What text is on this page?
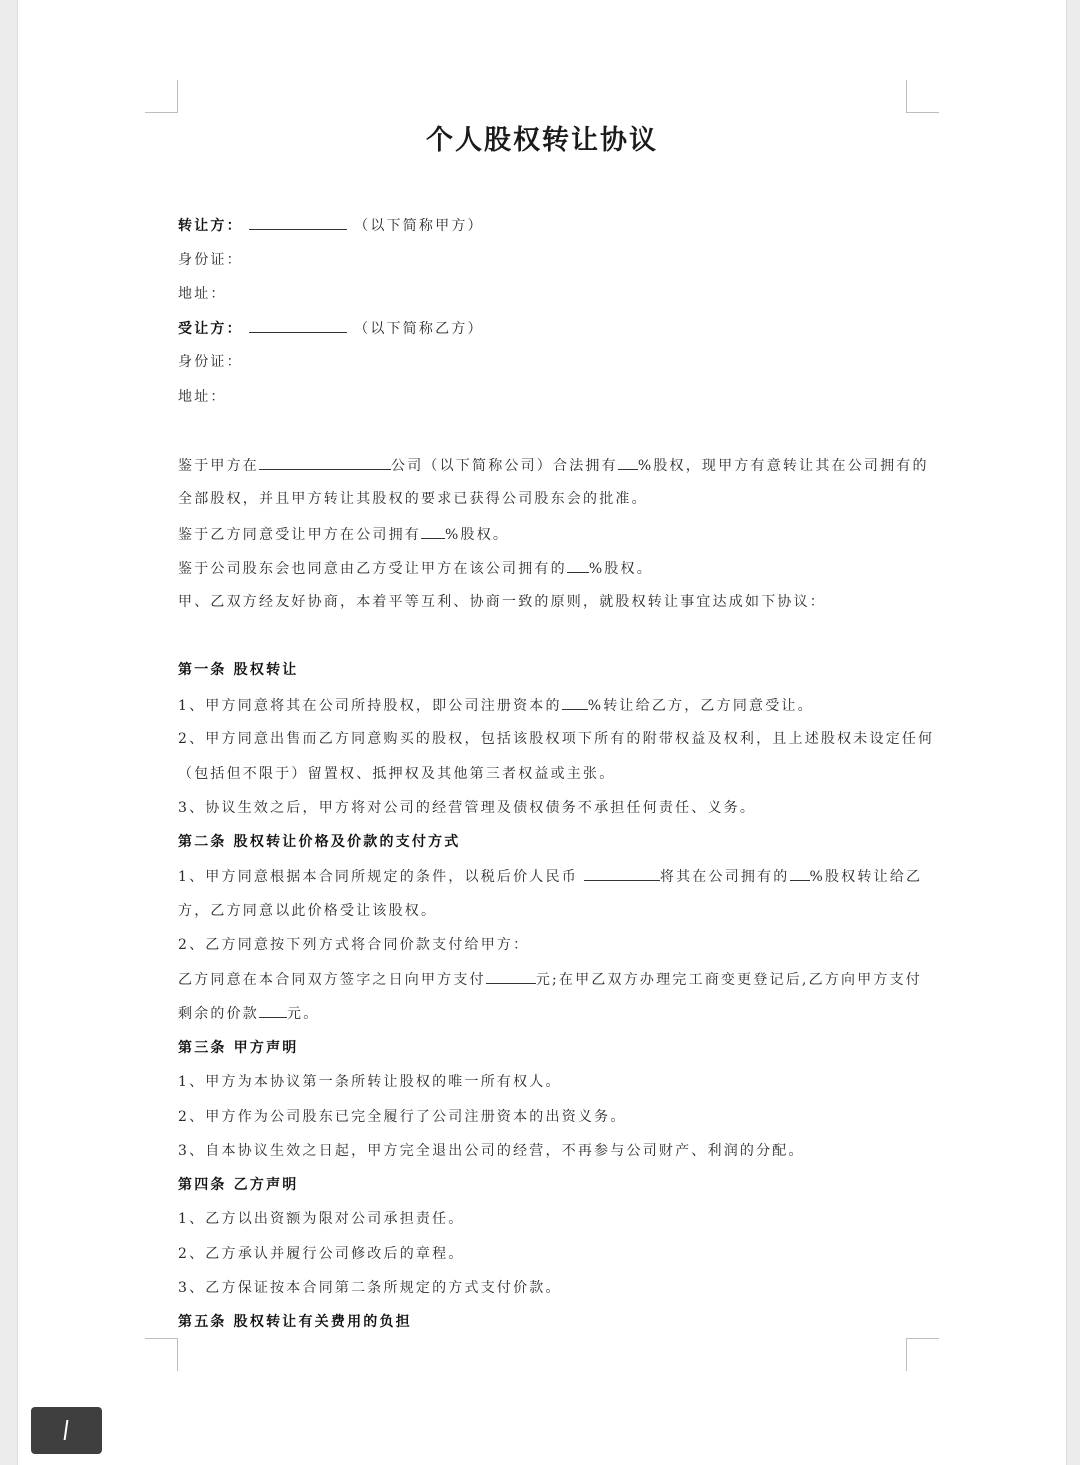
个人股权转让协议
转让方：	（以下简称甲方）
身份证：
地址：
受让方：	（以下简称乙方）
身份证：
地址：
鉴于甲方在	公司（以下简称公司）合法拥有 %股权，现甲方有意转让其在公司拥有的
全部股权，并且甲方转让其股权的要求已获得公司股东会的批准。
鉴于乙方同意受让甲方在公司拥有 %股权。
鉴于公司股东会也同意由乙方受让甲方在该公司拥有的 %股权。
甲、乙双方经友好协商，本着平等互利、协商一致的原则，就股权转让事宜达成如下协议：
第一条 股权转让
1、甲方同意将其在公司所持股权，即公司注册资本的 %转让给乙方，乙方同意受让。
2、甲方同意出售而乙方同意购买的股权，包括该股权项下所有的附带权益及权利，且上述股权未设定任何
（包括但不限于）留置权、抵押权及其他第三者权益或主张。
3、协议生效之后，甲方将对公司的经营管理及债权债务不承担任何责任、义务。
第二条 股权转让价格及价款的支付方式
1、甲方同意根据本合同所规定的条件，以税后价人民币	将其在公司拥有的 %股权转让给乙
方，乙方同意以此价格受让该股权。
2、乙方同意按下列方式将合同价款支付给甲方：
乙方同意在本合同双方签字之日向甲方支付	元;在甲乙双方办理完工商变更登记后,乙方向甲方支付
剩余的价款 元。
第三条 甲方声明
1、甲方为本协议第一条所转让股权的唯一所有权人。
2、甲方作为公司股东已完全履行了公司注册资本的出资义务。
3、自本协议生效之日起，甲方完全退出公司的经营，不再参与公司财产、利润的分配。
第四条 乙方声明
1、乙方以出资额为限对公司承担责任。
2、乙方承认并履行公司修改后的章程。
3、乙方保证按本合同第二条所规定的方式支付价款。
第五条 股权转让有关费用的负担
